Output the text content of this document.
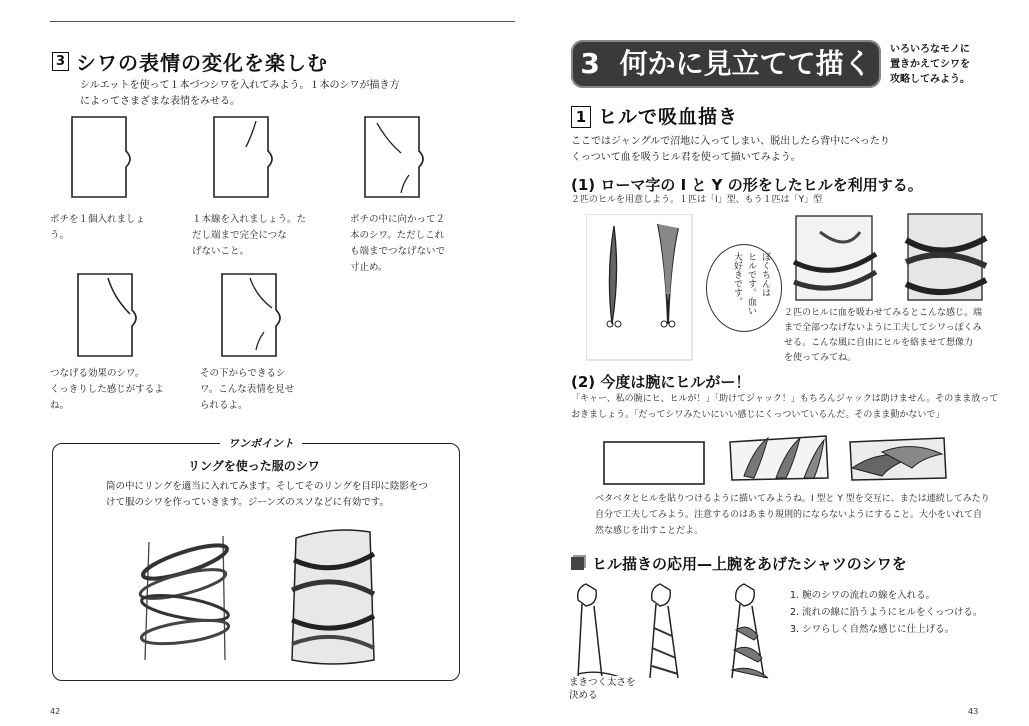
3 シワの表情の変化を楽しむ
シルエットを使って１本づつシワを入れてみよう。１本のシワが描き方
によってさまざまな表情をみせる。
ポチを１個入れましょ
う。
１本線を入れましょう。た
だし端まで完全につな
げないこと。
ポチの中に向かって２
本のシワ。ただしこれ
も端までつなげないで
寸止め。
つなげる効果のシワ。
くっきりした感じがするよ
ね。
その下からできるシ
ワ。こんな表情を見せ
られるよ。
ワンポイント
リングを使った服のシワ
筒の中にリングを適当に入れてみます。そしてそのリングを目印に陰影をつ
けて服のシワを作っていきます。ジーンズのスソなどに有効です。
42
3 何かに見立てて描く	いろいろなモノに
置きかえてシワを
攻略してみよう。
1 ヒルで吸血描き
ここではジャングルで沼地に入ってしまい、脱出したら背中にべったり
くっついて血を吸うヒル君を使って描いてみよう。
(1) ローマ字の I と Y の形をしたヒルを利用する。
２匹のヒルを用意しよう。１匹は「I」型、もう１匹は「Y」型
ぼくちんは
ヒルです。血い
大好きです。
２匹のヒルに血を吸わせてみるとこんな感じ。端
まで全部つなげないように工夫してシワっぽくみ
せる。こんな風に自由にヒルを絡ませて想像力
を使ってみてね。
(2) 今度は腕にヒルがー！
「キャー、私の腕にヒ、ヒルが！」「助けてジャック！」もちろんジャックは助けません。そのまま放って
おきましょう。「だってシワみたいにいい感じにくっついているんだ。そのまま動かないで」
ベタベタとヒルを貼りつけるように描いてみようね。I 型と Y 型を交互に、または連続してみたり
自分で工夫してみよう。注意するのはあまり規則的にならないようにすること。大小をいれて自
然な感じを出すことだよ。
ヒル描きの応用—上腕をあげたシャツのシワを
1. 腕のシワの流れの線を入れる。
2. 流れの線に沿うようにヒルをくっつける。
3. シワらしく自然な感じに仕上げる。
まきつく太さを
決める
43
